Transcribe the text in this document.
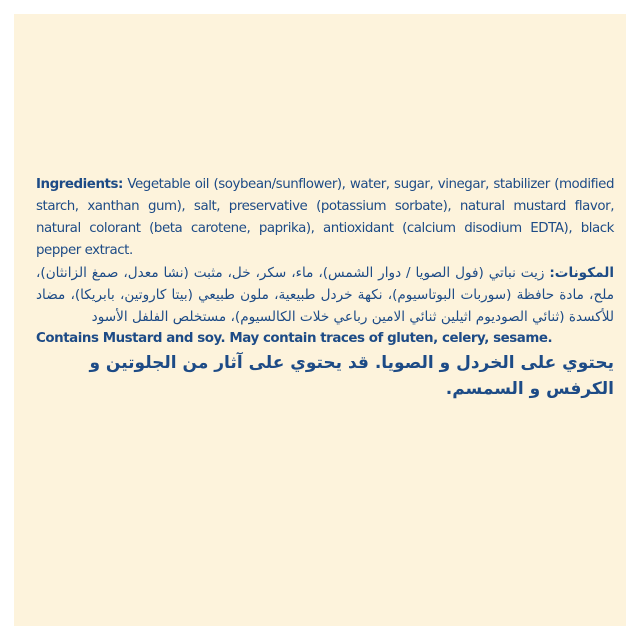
Ingredients: Vegetable oil (soybean/sunflower), water, sugar, vinegar, stabilizer (modified starch, xanthan gum), salt, preservative (potassium sorbate), natural mustard flavor, natural colorant (beta carotene, paprika), antioxidant (calcium disodium EDTA), black pepper extract.

المكونات: زيت نباتي (فول الصويا / دوار الشمس)، ماء، سكر، خل، مثبت (نشا معدل، صمغ الزانثان)، ملح، مادة حافظة (سوربات البوتاسيوم)، نكهة خردل طبيعية، ملون طبيعي (بيتا كاروتين، بابريكا)، مضاد للأكسدة (ثنائي الصوديوم اثيلين ثنائي الامين رباعي خلات الكالسيوم)، مستخلص الفلفل الأسود

Contains Mustard and soy. May contain traces of gluten, celery, sesame.

يحتوي على الخردل و الصويا. قد يحتوي على آثار من الجلوتين و الكرفس و السمسم.
